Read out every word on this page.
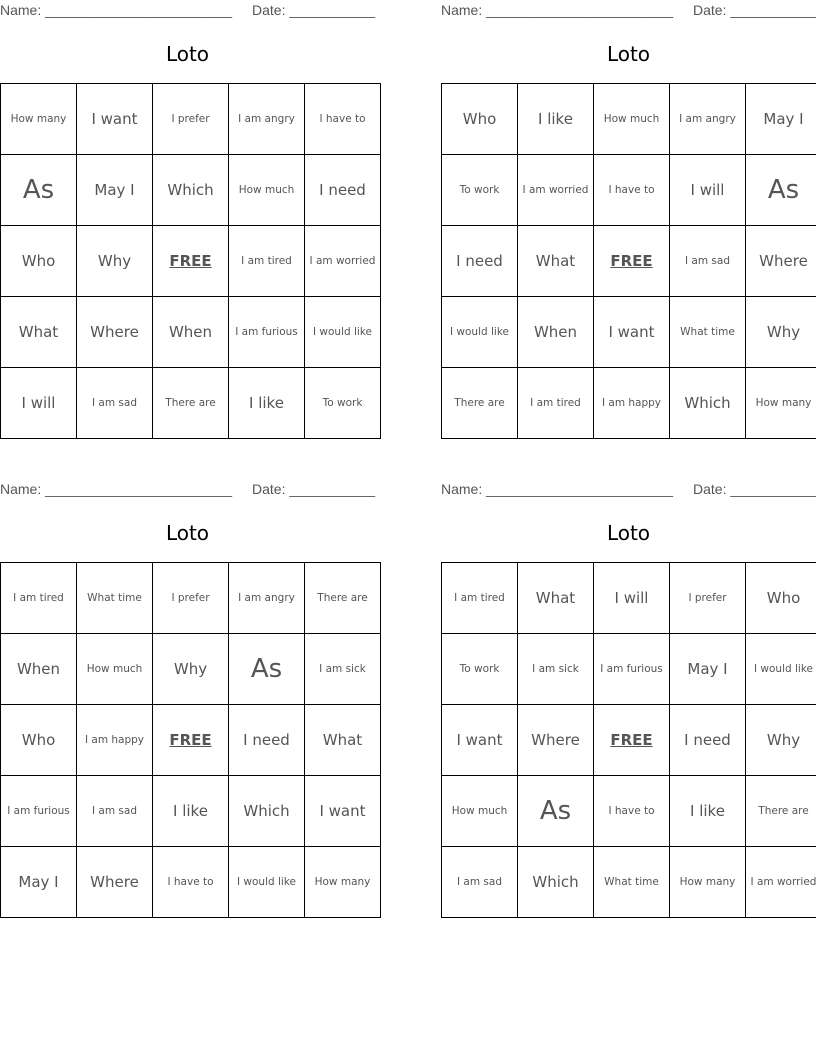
Name: ________________________ Date: ___________
Loto
How many	I want	I prefer	I am angry	I have to
As	May I	Which	How much	I need
Who	Why	FREE	I am tired	I am worried
What	Where	When	I am furious	I would like
I will	I am sad	There are	I like	To work
Name: ________________________ Date: ___________
Loto
Who	I like	How much	I am angry	May I
To work	I am worried	I have to	I will	As
I need	What	FREE	I am sad	Where
I would like	When	I want	What time	Why
There are	I am tired	I am happy	Which	How many
Name: ________________________ Date: ___________
Loto
I am tired	What time	I prefer	I am angry	There are
When	How much	Why	As	I am sick
Who	I am happy	FREE	I need	What
I am furious	I am sad	I like	Which	I want
May I	Where	I have to	I would like	How many
Name: ________________________ Date: ___________
Loto
I am tired	What	I will	I prefer	Who
To work	I am sick	I am furious	May I	I would like
I want	Where	FREE	I need	Why
How much	As	I have to	I like	There are
I am sad	Which	What time	How many	I am worried
